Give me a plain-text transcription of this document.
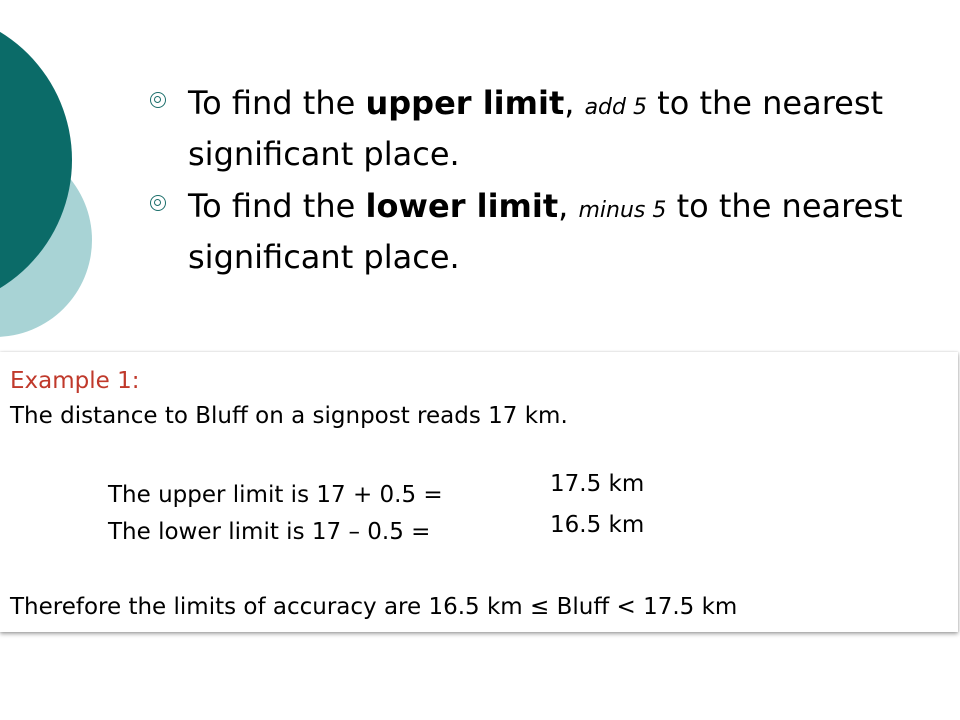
To find the upper limit, add 5 to the nearest significant place.
To find the lower limit, minus 5 to the nearest significant place.
Example 1:
The distance to Bluff on a signpost reads 17 km.
The upper limit is 17 + 0.5 =	17.5 km
The lower limit is 17 – 0.5 =	16.5 km
Therefore the limits of accuracy are 16.5 km ≤ Bluff < 17.5 km
